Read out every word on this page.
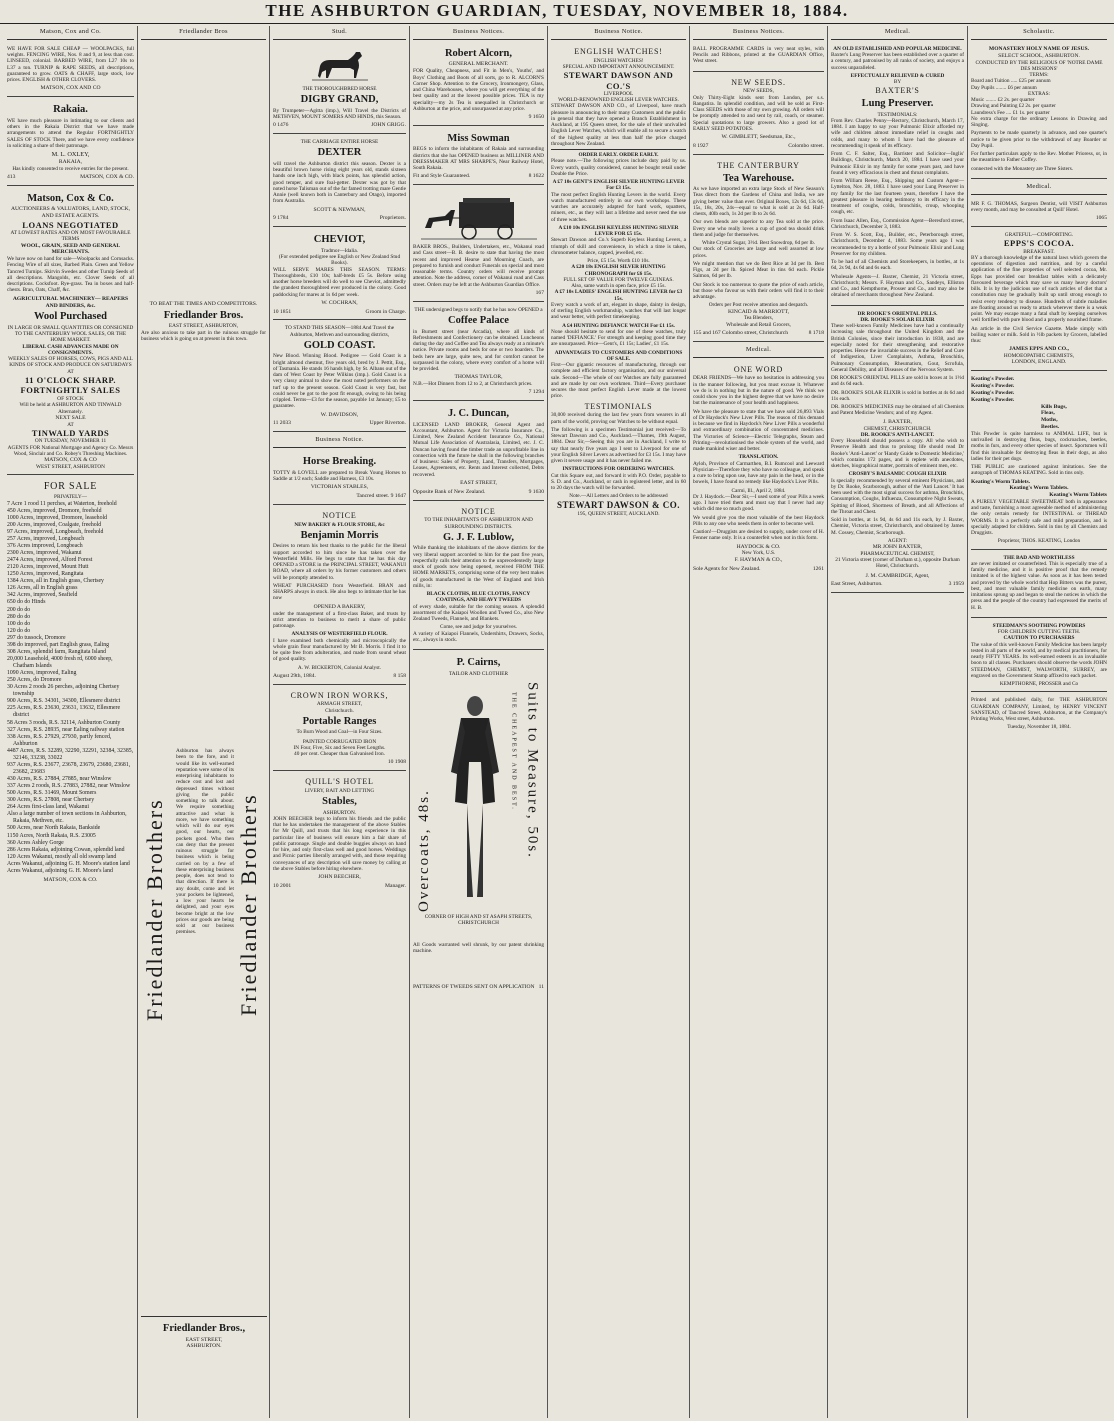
THE ASHBURTON GUARDIAN, TUESDAY, NOVEMBER 18, 1884.
Matson, Cox and Co.

WE HAVE FOR SALE CHEAP — WOOLPACKS, full weights. FENCING WIRE, Nos. 8 and 9, at less than cost. LINSEED, colonial. BARBED WIRE, from L27 10s to L37 a ton. TURNIP & RAPE SEEDS, all descriptions, guaranteed to grow. OATS & CHAFF, large stock, low prices. ENGLISH & OTHER CLOVERS.

MATSON, COX AND CO
Rakaia.

WE have much pleasure in intimating to our clients and others in the Rakaia District that we have made arrangements to attend the Regular FORTNIGHTLY SALES OF STOCK There, and we have every confidence in soliciting a share of their patronage.

M. L. OXLEY,
RAKAIA,
Has kindly consented to receive entries for the present.
413	MATSON, COX & CO.
Matson, Cox & Co.
AUCTIONEERS & VALUATORS, LAND, STOCK, AND ESTATE AGENTS.
LOANS NEGOTIATED
AT LOWEST RATES AND ON MOST FAVOURABLE TERMS
WOOL, GRAIN, SEED AND GENERAL MERCHANTS.

We have now on hand for sale—Woolpacks and Cornsacks. Fencing Wire of all sizes, Barbed Plain. Green and Yellow Tancred Turnips. Skirvin Swedes and other Turnip Seeds of all descriptions. Mangolds, etc. Clover Seeds of all descriptions. Cocksfoot. Rye-grass. Tea in boxes and half-chests. Bran, Oats, Chaff, &c.

AGRICULTURAL MACHINERY— REAPERS AND BINDERS, &c.
Wool Purchased
IN LARGE OR SMALL QUANTITIES OR CONSIGNED TO THE CANTERBURY WOOL SALES, OR THE HOME MARKET.
LIBERAL CASH ADVANCES MADE ON CONSIGNMENTS.
WEEKLY SALES OF HORSES, COWS, PIGS AND ALL KINDS OF STOCK AND PRODUCE ON SATURDAYS AT
11 O'CLOCK SHARP.
FORTNIGHTLY SALES
OF STOCK
Will be held at ASHBURTON AND TINWALD Alternately.
NEXT SALE
AT
TINWALD YARDS
ON TUESDAY, NOVEMBER 11
AGENTS FOR National Mortgage and Agency Co. Messrs Wood, Sinclair and Co. Robey's Threshing Machines.
MATSON, COX & CO
WEST STREET, ASHBURTON
FOR SALE
PRIVATELY—
7 Acre 1 rood 11 perches, at Waterton, freehold
450 Acres, improved, Dromore, freehold
1000 Acres, improved, Dromore, leasehold
200 Acres, improved, Coalgate, freehold
97 Acres, improved, Longbeach, freehold
257 Acres, improved, Longbeach
376 Acres improved, Longbeach
2300 Acres, improved, Wakanui
2474 Acres, improved, Alford Forest
2120 Acres, improved, Mount Hutt
1250 Acres, improved, Rangitata
1384 Acres, all in English grass, Chertsey
126 Acres, all in English grass
342 Acres, improved, Seafield
650 do do Hinds
200 do do
280 do do
100 do do
120 do do
297 do tussock, Dromore
398 do improved, part English grass, Ealing
308 Acres, splendid farm, Rangitata Island
20,000 Leasehold, 4000 fresh rd, 6000 sheep, Chatham Islands
1090 Acres, improved, Ealing
250 Acres, do Dromore
30 Acres 2 roods 26 perches, adjoining Chertsey township
900 Acres, R.S. 34301, 34300, Ellesmere district
225 Acres, R.S. 23630, 23631, 13632, Ellesmere district
58 Acres 3 roods, R.S. 32114, Ashburton County
327 Acres, R.S. 28935, near Ealing railway station
338 Acres, R.S. 27929, 27930, partly fenced, Ashburton
4487 Acres, R.S. 32289, 32290, 32291, 32384, 32385, 32146, 33238, 33022
937 Acres, R.S. 23677, 23678, 23679, 23680, 23681, 23682, 23683
430 Acres, R.S. 27884, 27885, near Winslow
337 Acres 2 roods, R.S. 27883, 27882, near Winslow
500 Acres, R.S. 31469, Mount Somers
300 Acres, R.S. 27808, near Chertsey
264 Acres first-class land, Wakanui
Also a large number of town sections in Ashburton, Rakaia, Methven, etc.
500 Acres, near North Rakaia, Bankside
1150 Acres, North Rakaia, R.S. 23005
360 Acres Ashley Gorge
286 Acres Rakaia, adjoining Cowan, splendid land
120 Acres Wakanui, mostly all old swamp land
Acres Wakanui, adjoining G. H. Moore's station land
Acres Wakanui, adjoining G. H. Moore's land
MATSON, COX & CO.
Friedlander Bros
TO BEAT THE TIMES AND COMPETITORS.
Friedlander Bros.
EAST STREET, ASHBURTON,

Are also anxious to take part in the ruinous struggle for business which is going on at present in this town.

Friedlander Brothers	Friedlander Brothers

Ashburton has always been to the fore, and it would like its well-earned reputation were some of its enterprising inhabitants to reduce cost and lost and depressed times without giving the public something to talk about. We require something attractive and what is more, we have something which will do our eyes good, our hearts, our pockets good. Who then can deny that the present ruinous struggle for business which is being carried on by a few of these enterprising business people, does not tend to that direction. If there is any doubt, come and let your pockets be lightened, a low your hearts be delighted, and your eyes become bright at the low prices our goods are being sold at our business premises.

Friedlander Bros.,
EAST STREET,
ASHBURTON.
Stud.
THE THOROUGHBRED HORSE
DIGBY GRAND,

By Trumpeter—Agitta (imp.), Will Travel the Districts of METHVEN, MOUNT SOMERS AND HINDS, this Season.

0 1476	JOHN GRIGG.
THE CARRIAGE ENTIRE HORSE
DEXTER

will travel the Ashburton district this season. Dexter is a beautiful brown horse rising eight years old, stands sixteen hands one inch high, with black points, has splendid action, good temper, and sure foal-getter. Dexter was got by that noted horse Talisman out of the far famed trotting mare Gentle Annie (well known both in Canterbury and Otago), imported from Australia.

SCOTT & NEWMAN,
9 1784	Proprietors.
CHEVIOT,
Tradmor—Idalia.
(For extended pedigree see English or New Zealand Stud Books).

WILL SERVE MARES THIS SEASON. TERMS: Thoroughbreds, £10 10s; half-breds £5 5s. Before using another horse breeders will do well to see Cheviot, admittedly the grandest thoroughbred ever produced in the colony. Good paddocking for mares at 1s 6d per week.

W. COCHRAN,
10 1851	Groom in Charge.
TO STAND THIS SEASON—1884 And Travel the Ashburton, Methven and surrounding districts,
GOLD COAST.

New Blood. Winning Blood. Pedigree — Gold Coast is a bright almond chestnut, five years old, bred by J. Pettit, Esq., of Tasmania. He stands 16 hands high, by St. Albans out of the dam of West Coast by Peter Wilkins (imp.). Gold Coast is a very classy animal to show the most noted performers on the turf up to the present season. Gold Coast is very fast, but could never be got to the post fit enough, owing to his being crippled. Terms—£3 for the season, payable 1st January; £5 to guarantee.

W. DAVIDSON,
11 2033	Upper Riverton.
Business Notice.
Horse Breaking.

TOTTY & LOVELL are prepared to Break Young Horses to Saddle at 1/2 each; Saddle and Harness, £3 10s.

VICTORIAN STABLES,
Tancred street. 9 1647
NOTICE
NEW BAKERY & FLOUR STORE, &c
Benjamin Morris

Desires to return his best thanks to the public for the liberal support accorded to him since he has taken over the Westerfield Mills. He begs to state that he has this day OPENED a STORE in the PRINCIPAL STREET, WAKANUI ROAD, where all orders by his former customers and others will be promptly attended to.

WHEAT PURCHASED from Westerfield. BRAN and SHARPS always in stock. He also begs to intimate that he has now

OPENED A BAKERY,

under the management of a first-class Baker, and trusts by strict attention to business to merit a share of public patronage.

ANALYSIS OF WESTERFIELD FLOUR.

I have examined both chemically and microscopically the whole grain flour manufactured by Mr B. Morris. I find it to be quite free from adulteration, and made from sound wheat of good quality.

A. W. BICKERTON, Colonial Analyst.
August 29th, 1884.	8 158
CROWN IRON WORKS,
ARMAGH STREET,
Christchurch.
Portable Ranges
To Burn Wood and Coal—in Four Sizes.
PAINTED CORRUGATED IRON
IN Four, Five, Six and Seven Feet Lengths.
40 per cent. Cheaper than Galvanised Iron.
10 1908
QUILL'S HOTEL
LIVERY, BAIT AND LETTING
Stables,
ASHBURTON.

JOHN BEECHER begs to inform his friends and the public that he has undertaken the management of the above Stables for Mr Quill, and trusts that his long experience in this particular line of business will ensure him a fair share of public patronage. Single and double buggies always on hand for hire, and only first-class well and good horses. Weddings and Picnic parties liberally arranged with, and those requiring conveyances of any description will save money by calling at the above Stables before hiring elsewhere.

JOHN BEECHER,
10 2001	Manager.
Business Notices.
Robert Alcorn,
GENERAL MERCHANT.

FOR Quality, Cheapness, and Fit in Men's, Youths', and Boys' Clothing and Boots of all sorts, go to R. ALCORN'S Corner Shop. Attention to the Grocery, Ironmongery, Glass, and China Warehouses, where you will get everything of the best quality and at the lowest possible prices. TEA is my speciality—my 2s Tea is unequalled in Christchurch or Ashburton at the price, and unsurpassed at any price.

9 1650
Miss Sowman

BEGS to inform the inhabitants of Rakaia and surrounding districts that she has OPENED business as MILLINER AND DRESSMAKER AT MRS SHARPE'S, Near Railway Hotel, South Rakaia.

Fit and Style Guaranteed.	8 1622

BAKER BROS., Builders, Undertakers, etc., Wakanui road and Cass street—B. B. desire to state that having the most recent and improved Hearse and Mourning Coach, are prepared to furnish and conduct Funerals on special and most reasonable terms. Country orders will receive prompt attention. Note the address, corner of Wakanui road and Cass street. Orders may be left at the Ashburton Guardian Office.

167
THE undersigned begs to notify that he has now OPENED a
Coffee Palace

in Burnett street (near Arcadia), where all kinds of Refreshments and Confectionery can be obtained. Luncheons during the day and Coffee and Tea always ready at a minute's notice. Private rooms and beds for one or two boarders. The beds here are large, quite new, and for comfort cannot be surpassed in the colony, where every comfort of a home will be provided.

THOMAS TAYLOR,
N.B.—Hot Dinners from 12 to 2, at Christchurch prices.
7 1294
J. C. Duncan,

LICENSED LAND BROKER, General Agent and Accountant, Ashburton. Agent for Victoria Insurance Co., Limited, New Zealand Accident Insurance Co., National Mutual Life Association of Australasia, Limited, etc. J. C. Duncan having found the timber trade an unprofitable line in connection with the future he shall in the following branches of business: Sales of Property, Land, Transfers, Mortgages, Leases, Agreements, etc. Rents and Interest collected, Debts recovered.

EAST STREET,
Opposite Bank of New Zealand.	9 1630
NOTICE
TO THE INHABITANTS OF ASHBURTON AND SURROUNDING DISTRICTS.
G. J. F. Lublow,

While thanking the inhabitants of the above districts for the very liberal support accorded to him for the past five years, respectfully calls their attention to the unprecedentedly large stock of goods now being opened, received FROM THE HOME MARKETS, comprising some of the very best makes of goods manufactured in the West of England and Irish mills, in:

BLACK CLOTHS, BLUE CLOTHS, FANCY COATINGS, AND HEAVY TWEEDS

of every shade, suitable for the coming season. A splendid assortment of the Kaiapoi Woollen and Tweed Co., also New Zealand Tweeds, Flannels, and Blankets.

Come, see and judge for yourselves.

A variety of Kaiapoi Flannels, Undershirts, Drawers, Socks, etc., always in stock.

P. Cairns,
TAILOR AND CLOTHIER
Overcoats, 48s.	Suits to Measure, 50s.
THE CHEAPEST AND BEST.
CORNER OF HIGH AND ST ASAPH STREETS, CHRISTCHURCH

All Goods warranted well shrunk, by our patent shrinking machine.

PATTERNS OF TWEEDS SENT ON APPLICATION 11
Business Notice.
ENGLISH WATCHES!
ENGLISH WATCHES!
SPECIAL AND IMPORTANT ANNOUNCEMENT.
STEWART DAWSON AND CO.'S
LIVERPOOL
WORLD-RENOWNED ENGLISH LEVER WATCHES.

STEWART DAWSON AND CO., of Liverpool, have much pleasure in announcing to their many Customers and the public in general that they have opened a Branch Establishment in Auckland, at 195 Queen street, for the sale of their unrivalled English Lever Watches, which will enable all to secure a watch of the highest quality at less than half the price charged throughout New Zealand.

ORDER EARLY. ORDER EARLY.

Please note.—The following prices include duty paid by us. Every watch, quality considered, cannot be bought retail under Double the Price.

A £7 10s GENT'S ENGLISH SILVER HUNTING LEVER For £3 15s.

The most perfect English Hunting Levers in the world. Every watch manufactured entirely in our own workshops. These watches are accurately adapted for hard work, squatters, miners, etc., as they will last a lifetime and never need the use of three watches.

A £10 10s ENGLISH KEYLESS HUNTING SILVER LEVER FOR £5 15s.

Stewart Dawson and Co.'s Superb Keyless Hunting Levers, a triumph of skill and convenience, in which a time is taken, chronometer balance, capped, jewelled, etc.

Price, £5 15s. Worth £10 10s.
A £20 18s ENGLISH SILVER HUNTING CHRONOGRAPH for £6 15s.
FULL SET OF VALUE FOR TWELVE GUINEAS.
Also, same watch in open face, price £5 15s.
A £7 10s LADIES' ENGLISH HUNTING LEVER for £3 15s.

Every watch a work of art, elegant in shape, dainty in design, of sterling English workmanship, watches that will last longer and wear better, with perfect timekeeping.

A £4 HUNTING DEFIANCE WATCH For £1 15s.

None should hesitate to send for one of these watches, truly named 'DEFIANCE.' For strength and keeping good time they are unsurpassed. Price—Gent's, £1 15s; Ladies', £1 15s.

ADVANTAGES TO CUSTOMERS AND CONDITIONS OF SALE.

First—Our gigantic resources of manufacturing, through our complete and efficient factory organisation, and our universal sale. Second—The whole of our Watches are fully guaranteed and are made by our own workmen. Third—Every purchaser secures the most perfect English Lever made at the lowest price.

TESTIMONIALS

30,000 received during the last few years from wearers in all parts of the world, proving our Watches to be without equal.

The following is a specimen Testimonial just received:—To Stewart Dawson and Co., Auckland.—Thames, 19th August, 1884. Dear Sir,—Seeing this you are in Auckland, I write to say that nearly five years ago I sent to Liverpool for one of your English Silver Levers as advertised for £3 15s. I may have given it severe usage and it has never failed me.

INSTRUCTIONS FOR ORDERING WATCHES.

Cut this Square out, and forward it with P.O. Order, payable to S. D. and Co., Auckland, or cash in registered letter, and in 60 to 20 days the watch will be forwarded.

Note.—All Letters and Orders to be addressed
STEWART DAWSON & CO.
195, QUEEN STREET, AUCKLAND.
Business Notices.

BALL PROGRAMME CARDS in very neat styles, with Pencils and Ribbons, printed at the GUARDIAN Office, West street.

NEW SEEDS.
NEW SEEDS,

Only Thirty-Eight kinds sent from London, per s.s. Rangatira. In splendid condition, and will be sold as First-Class SEEDS with those of my own growing. All orders will be promptly attended to and sent by rail, coach, or steamer. Special quotations to large growers. Also a good lot of EARLY SEED POTATOES.

W. GIMBLETT, Seedsman, Etc.,
8 1927	Colombo street.
THE CANTERBURY
Tea Warehouse.

As we have imported an extra large Stock of New Season's Teas direct from the Gardens of China and India, we are giving better value than ever. Original Boxes, 12s 6d, 13s 6d, 15s, 18s, 20s, 24s—equal to what is sold at 2s 6d. Half-chests, 40lb each, 1s 2d per lb to 2s 6d.

Our own blends are superior to any Tea sold at the price. Every one who really loves a cup of good tea should drink them and judge for themselves.

White Crystal Sugar, 3½d. Best Snowdrop, 6d per lb.

Our stock of Groceries are large and well assorted at low prices.

We might mention that we do Best Rice at 3d per lb. Best Figs, at 2d per lb. Spiced Meat in tins 6d each. Pickle Salmon, 6d per lb.

Our Stock is too numerous to quote the price of each article, but those who favour us with their orders will find it to their advantage.

Orders per Post receive attention and despatch.
KINCAID & MARRIOTT,
Tea Blenders,
Wholesale and Retail Grocers,
155 and 167 Colombo street, Christchurch	8 1718
Medical.
ONE WORD

DEAR FRIENDS—We have no hesitation in addressing you in the manner following, but you must excuse it. Whatever we do is in nothing but in the nature of good. We think we could show you in the highest degree that we have no desire but the maintenance of your health and happiness.

We have the pleasure to state that we have sold 26,893 Vials of Dr Haydock's New Liver Pills. The reason of this demand is because we find in Haydock's New Liver Pills a wonderful and extraordinary combination of concentrated medicines. The Victories of Science—Electric Telegraphs, Steam and Printing—revolutionised the whole system of the world, and made mankind wiser and better.

TRANSLATION.

Ayloh, Province of Carmarthen, B.I. Rumcool and Leeward Physician—Therefore they who have no colleague, and speak a cure to bring upon use, have any pain in the head, or in the bowels, I have found no remedy like Haydock's Liver Pills.

Carmi, Ill., April 2, 1884.

Dr J. Haydock.—Dear Sir,—I used some of your Pills a week ago. I have tried them and must say that I never had any which did me so much good.

We would give you the most valuable of the best Haydock Pills to any one who needs them in order to become well.

Caution!—Druggists are desired to supply, under cover of H. Fenner name only. It is a counterfeit when not in this form.

HAYDOCK & CO.
New York, U.S.
F. HAYMAN & CO.,
Sole Agents for New Zealand.	1261
Medical.
AN OLD ESTABLISHED AND POPULAR MEDICINE.

Baxter's Lung Preserver has been established over a quarter of a century, and patronised by all ranks of society, and enjoys a success unparalleled.

EFFECTUALLY RELIEVED & CURED
BY
BAXTER'S
Lung Preserver.
TESTIMONIALS:

From Rev. Charles Penny—Rectory, Christchurch, March 17, 1884. I am happy to say your Pulmonic Elixir afforded my wife and children almost immediate relief in coughs and colds, and many to whom I have had the pleasure of recommending it speak of its efficacy.

From C. F. Salter, Esq., Barrister and Solicitor—Inglis' Buildings, Christchurch, March 20, 1884. I have used your Pulmonic Elixir in my family for some years past, and have found it very efficacious in chest and throat complaints.

From William Reese, Esq., Shipping and Custom Agent—Lyttelton, Nov. 28, 1883. I have used your Lung Preserver in my family for the last fourteen years, therefore I have the greatest pleasure in bearing testimony to its efficacy in the treatment of coughs, colds, bronchitis, croup, whooping cough, etc.

From Isaac Allen, Esq., Commission Agent—Beresford street, Christchurch, December 3, 1883.

From W. S. Scott, Esq., Builder, etc., Peterborough street, Christchurch, December 4, 1883. Some years ago I was recommended to try a bottle of your Pulmonic Elixir and Lung Preserver for my children.

To be had of all Chemists and Storekeepers, in bottles, at 1s 6d, 2s 9d, 4s 6d and 6s each.

Wholesale Agents—J. Baxter, Chemist, 21 Victoria street, Christchurch; Messrs. F. Hayman and Co., Sandeys, Elliston and Co., and Kempthorne, Prosser and Co., and may also be obtained of merchants throughout New Zealand.

DR ROOKE'S ORIENTAL PILLS.
DR. ROOKE'S SOLAR ELIXIR

These well-known Family Medicines have had a continually increasing sale throughout the United Kingdom and the British Colonies, since their introduction in 1838, and are especially noted for their strengthening and restorative properties. Hence the invariable success in the Relief and Cure of Indigestion, Liver Complaints, Asthma, Bronchitis, Pulmonary Consumption, Rheumatism, Gout, Scrofula, General Debility, and all Diseases of the Nervous System.

DR ROOKE'S ORIENTAL PILLS are sold in boxes at 1s 1½d and 4s 6d each.

DR. ROOKE'S SOLAR ELIXIR is sold in bottles at 4s 6d and 11s each.

DR. ROOKE'S MEDICINES may be obtained of all Chemists and Patent Medicine Vendors; and of my Agent.

J. BAXTER,
CHEMIST, CHRISTCHURCH.
DR. ROOKE'S ANTI-LANCET.

Every Household should possess a copy. All who wish to Preserve Health and thus to prolong life should read Dr Rooke's 'Anti-Lancet' or 'Handy Guide to Domestic Medicine,' which contains 172 pages, and is replete with anecdotes, sketches, biographical matter, portraits of eminent men, etc.

CROSBY'S BALSAMIC COUGH ELIXIR

Is specially recommended by several eminent Physicians, and by Dr. Rooke, Scarborough, author of the 'Anti Lancet.' It has been used with the most signal success for asthma, Bronchitis, Consumption, Coughs, Influenza, Consumptive Night Sweats, Spitting of Blood, Shortness of Breath, and all Affections of the Throat and Chest.

Sold in bottles, at 1s 9d, 4s 6d and 11s each, by J. Baxter, Chemist, Victoria street, Christchurch, and obtained by James M. Cossey, Chemist, Scarborough.

AGENT:
MR JOHN BAXTER,
PHARMACEUTICAL CHEMIST,
21 Victoria street (corner of Durham st.), opposite Durham Hotel, Christchurch.
J. M. CAMBRIDGE, Agent,
East Street, Ashburton.	3 1959
Scholastic.
MONASTERY HOLY NAME OF JESUS.
SELECT SCHOOL, ASHBURTON.
CONDUCTED BY THE RELIGIOUS OF 'NOTRE DAME DES MISSIONS'
TERMS:
Board and Tuition ..... £25 per annum
Day Pupils ........ £6 per annum
EXTRAS:
Music ........ £2 2s. per quarter
Drawing and Painting £2 2s. per quarter
Laundress's Fee .... £1 1s. per quarter

No extra charge for the ordinary Lessons in Drawing and Singing.

Payments to be made quarterly in advance, and one quarter's notice to be given prior to the withdrawal of any Boarder or Day Pupil.

For further particulars apply to the Rev. Mother Prioress, or, in the meantime to Father Coffey.

connected with the Monastery are Three Sisters.

Medical.

MR F. G. THOMAS, Surgeon Dentist, will VISIT Ashburton every month, and may be consulted at Quill' Hotel.

1065
GRATEFUL—COMFORTING.
EPPS'S COCOA.
BREAKFAST.

BY a thorough knowledge of the natural laws which govern the operations of digestion and nutrition, and by a careful application of the fine properties of well selected cocoa, Mr. Epps has provided our breakfast tables with a delicately flavoured beverage which may save us many heavy doctors' bills. It is by the judicious use of such articles of diet that a constitution may be gradually built up until strong enough to resist every tendency to disease. Hundreds of subtle maladies are floating around us ready to attack wherever there is a weak point. We may escape many a fatal shaft by keeping ourselves well fortified with pure blood and a properly nourished frame.

An article in the Civil Service Gazette. Made simply with boiling water or milk. Sold in ½lb packets by Grocers, labelled thus:

JAMES EPPS AND CO.,
HOMOEOPATHIC CHEMISTS,
LONDON, ENGLAND.
Keating's Powder.
Keating's Powder.
Keating's Powder.
Keating's Powder.
Kills Bugs,
Fleas,
Moths,
Beetles.

This Powder is quite harmless to ANIMAL LIFE, but is unrivalled in destroying fleas, bugs, cockroaches, beetles, moths in furs, and every other species of insect. Sportsmen will find this invaluable for destroying fleas in their dogs, as also ladies for their pet dogs.

THE PUBLIC are cautioned against imitations. See the autograph of THOMAS KEATING. Sold in tins only.

Keating's Worm Tablets.
Keating's Worm Tablets.
Keating's Worm Tablets

A PURELY VEGETABLE SWEETMEAT both in appearance and taste, furnishing a most agreeable method of administering the only certain remedy for INTESTINAL or THREAD WORMS. It is a perfectly safe and mild preparation, and is specially adapted for children. Sold in tins by all Chemists and Druggists.

Proprietor, THOS. KEATING, London
THE BAD AND WORTHLESS

are never imitated or counterfeited. This is especially true of a family medicine, and it is positive proof that the remedy imitated is of the highest value. As soon as it has been tested and proved by the whole world that Hop Bitters was the purest, best, and most valuable family medicine on earth, many imitations sprung up and began to steal the notices in which the press and the people of the country had expressed the merits of H. B.

STEEDMAN'S SOOTHING POWDERS
FOR CHILDREN CUTTING TEETH.
CAUTION TO PURCHASERS

The value of this well-known Family Medicine has been largely tested in all parts of the world, and by medical practitioners, for nearly FIFTY YEARS. Its well-earned esteem is an invaluable boon to all classes. Purchasers should observe the words JOHN STEEDMAN, CHEMIST, WALWORTH, SURREY, are engraved on the Government Stamp affixed to each packet.

KEMPTHORNE, PROSSER and Co

Printed and published daily, for THE ASHBURTON GUARDIAN COMPANY, Limited, by HENRY VINCENT SANSTEAD, of Tancred Street, Ashburton, at the Company's Printing Works, West street, Ashburton.

Tuesday, November 18, 1884.
